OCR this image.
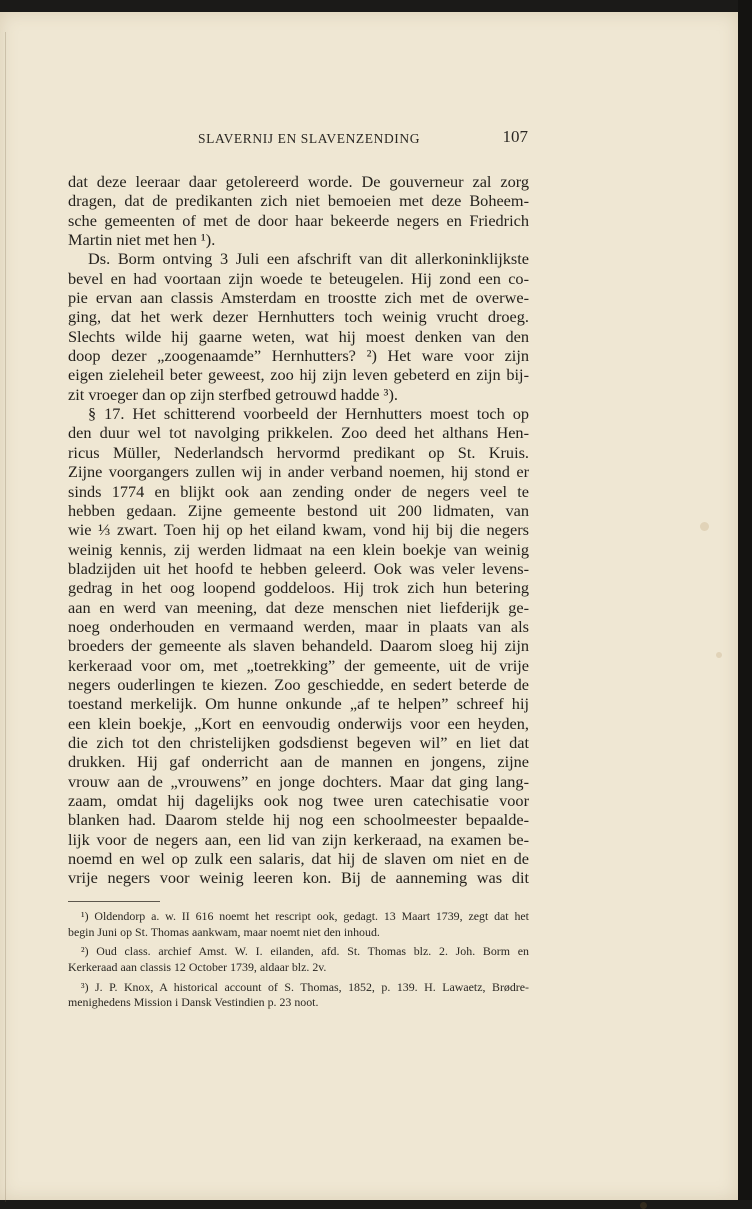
SLAVERNIJ EN SLAVENZENDING	107
dat deze leeraar daar getolereerd worde. De gouverneur zal zorg
dragen, dat de predikanten zich niet bemoeien met deze Boheem-
sche gemeenten of met de door haar bekeerde negers en Friedrich
Martin niet met hen ¹).
Ds. Borm ontving 3 Juli een afschrift van dit allerkoninklijkste
bevel en had voortaan zijn woede te beteugelen. Hij zond een co-
pie ervan aan classis Amsterdam en troostte zich met de overwe-
ging, dat het werk dezer Hernhutters toch weinig vrucht droeg.
Slechts wilde hij gaarne weten, wat hij moest denken van den
doop dezer „zoogenaamde” Hernhutters? ²) Het ware voor zijn
eigen zieleheil beter geweest, zoo hij zijn leven gebeterd en zijn bij-
zit vroeger dan op zijn sterfbed getrouwd hadde ³).
§ 17. Het schitterend voorbeeld der Hernhutters moest toch op
den duur wel tot navolging prikkelen. Zoo deed het althans Hen-
ricus Müller, Nederlandsch hervormd predikant op St. Kruis.
Zijne voorgangers zullen wij in ander verband noemen, hij stond er
sinds 1774 en blijkt ook aan zending onder de negers veel te
hebben gedaan. Zijne gemeente bestond uit 200 lidmaten, van
wie ⅓ zwart. Toen hij op het eiland kwam, vond hij bij die negers
weinig kennis, zij werden lidmaat na een klein boekje van weinig
bladzijden uit het hoofd te hebben geleerd. Ook was veler levens-
gedrag in het oog loopend goddeloos. Hij trok zich hun betering
aan en werd van meening, dat deze menschen niet liefderijk ge-
noeg onderhouden en vermaand werden, maar in plaats van als
broeders der gemeente als slaven behandeld. Daarom sloeg hij zijn
kerkeraad voor om, met „toetrekking” der gemeente, uit de vrije
negers ouderlingen te kiezen. Zoo geschiedde, en sedert beterde de
toestand merkelijk. Om hunne onkunde „af te helpen” schreef hij
een klein boekje, „Kort en eenvoudig onderwijs voor een heyden,
die zich tot den christelijken godsdienst begeven wil” en liet dat
drukken. Hij gaf onderricht aan de mannen en jongens, zijne
vrouw aan de „vrouwens” en jonge dochters. Maar dat ging lang-
zaam, omdat hij dagelijks ook nog twee uren catechisatie voor
blanken had. Daarom stelde hij nog een schoolmeester bepaalde-
lijk voor de negers aan, een lid van zijn kerkeraad, na examen be-
noemd en wel op zulk een salaris, dat hij de slaven om niet en de
vrije negers voor weinig leeren kon. Bij de aanneming was dit
¹) Oldendorp a. w. II 616 noemt het rescript ook, gedagt. 13 Maart 1739, zegt dat het
begin Juni op St. Thomas aankwam, maar noemt niet den inhoud.
²) Oud class. archief Amst. W. I. eilanden, afd. St. Thomas blz. 2. Joh. Borm en
Kerkeraad aan classis 12 October 1739, aldaar blz. 2v.
³) J. P. Knox, A historical account of S. Thomas, 1852, p. 139. H. Lawaetz, Brødre-
menighedens Mission i Dansk Vestindien p. 23 noot.
